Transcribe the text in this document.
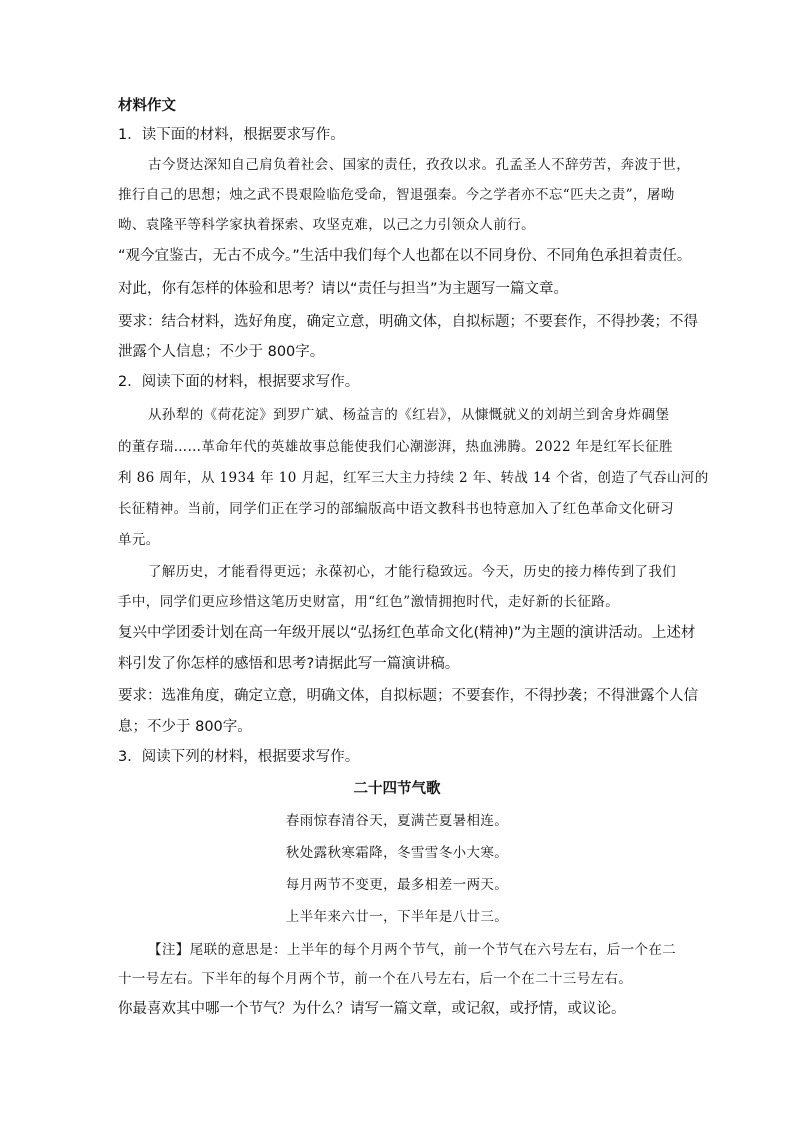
材料作文
1．读下面的材料，根据要求写作。
古今贤达深知自己肩负着社会、国家的责任，孜孜以求。孔孟圣人不辞劳苦，奔波于世，
推行自己的思想；烛之武不畏艰险临危受命，智退强秦。今之学者亦不忘“匹夫之责”，屠呦
呦、袁隆平等科学家执着探索、攻坚克难，以己之力引领众人前行。
“观今宜鉴古，无古不成今。”生活中我们每个人也都在以不同身份、不同角色承担着责任。
对此，你有怎样的体验和思考？请以“责任与担当”为主题写一篇文章。
要求：结合材料，选好角度，确定立意，明确文体，自拟标题；不要套作，不得抄袭；不得
泄露个人信息；不少于 800字。
2．阅读下面的材料，根据要求写作。
从孙犁的《荷花淀》到罗广斌、杨益言的《红岩》，从慷慨就义的刘胡兰到舍身炸碉堡
的董存瑞……革命年代的英雄故事总能使我们心潮澎湃，热血沸腾。2022 年是红军长征胜
利 86 周年，从 1934 年 10 月起，红军三大主力持续 2 年、转战 14 个省，创造了气吞山河的
长征精神。当前，同学们正在学习的部编版高中语文教科书也特意加入了红色革命文化研习
单元。
了解历史，才能看得更远；永葆初心，才能行稳致远。今天，历史的接力棒传到了我们
手中，同学们更应珍惜这笔历史财富，用“红色”激情拥抱时代，走好新的长征路。
复兴中学团委计划在高一年级开展以“弘扬红色革命文化(精神)”为主题的演讲活动。上述材
料引发了你怎样的感悟和思考?请据此写一篇演讲稿。
要求：选准角度，确定立意，明确文体，自拟标题；不要套作，不得抄袭；不得泄露个人信
息；不少于 800字。
3．阅读下列的材料，根据要求写作。
二十四节气歌
春雨惊春清谷天，夏满芒夏暑相连。
秋处露秋寒霜降，冬雪雪冬小大寒。
每月两节不变更，最多相差一两天。
上半年来六廿一，下半年是八廿三。
【注】尾联的意思是：上半年的每个月两个节气，前一个节气在六号左右，后一个在二
十一号左右。下半年的每个月两个节，前一个在八号左右，后一个在二十三号左右。
你最喜欢其中哪一个节气？为什么？请写一篇文章，或记叙，或抒情，或议论。
